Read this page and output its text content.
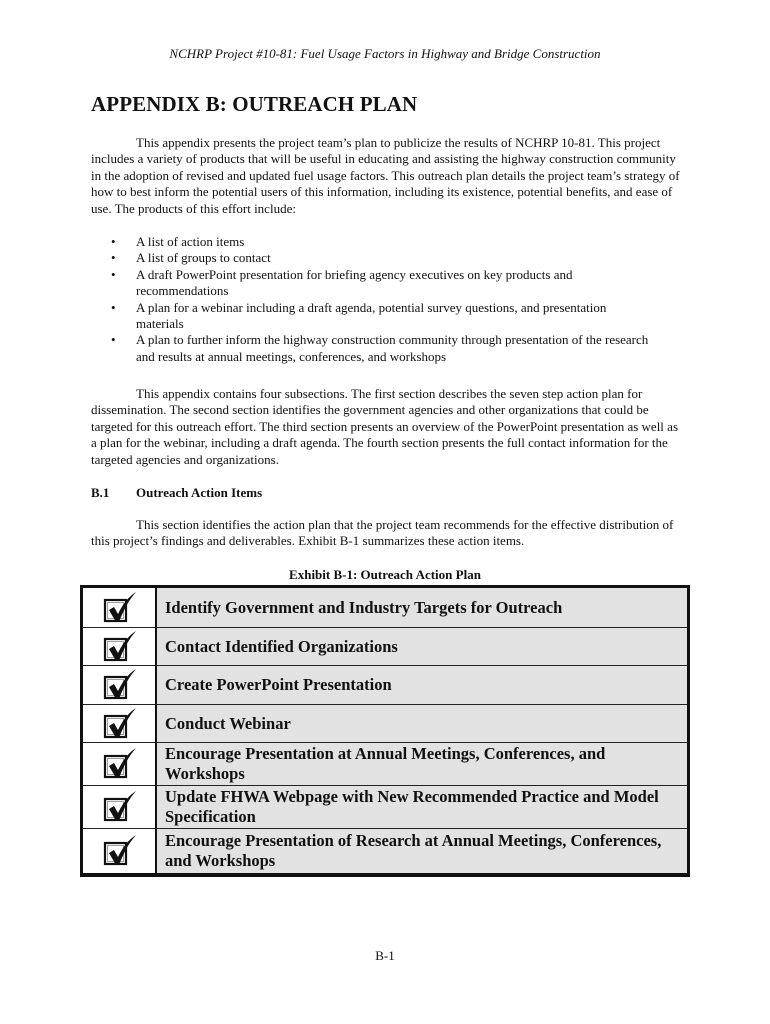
NCHRP Project #10-81: Fuel Usage Factors in Highway and Bridge Construction
APPENDIX B: OUTREACH PLAN

This appendix presents the project team’s plan to publicize the results of NCHRP 10-81. This project includes a variety of products that will be useful in educating and assisting the highway construction community in the adoption of revised and updated fuel usage factors. This outreach plan details the project team’s strategy of how to best inform the potential users of this information, including its existence, potential benefits, and ease of use. The products of this effort include:

• A list of action items
• A list of groups to contact
• A draft PowerPoint presentation for briefing agency executives on key products and recommendations
• A plan for a webinar including a draft agenda, potential survey questions, and presentation materials
• A plan to further inform the highway construction community through presentation of the research and results at annual meetings, conferences, and workshops

This appendix contains four subsections. The first section describes the seven step action plan for dissemination. The second section identifies the government agencies and other organizations that could be targeted for this outreach effort. The third section presents an overview of the PowerPoint presentation as well as a plan for the webinar, including a draft agenda. The fourth section presents the full contact information for the targeted agencies and organizations.

B.1 Outreach Action Items

This section identifies the action plan that the project team recommends for the effective distribution of this project’s findings and deliverables. Exhibit B-1 summarizes these action items.

Exhibit B-1: Outreach Action Plan
Identify Government and Industry Targets for Outreach
Contact Identified Organizations
Create PowerPoint Presentation
Conduct Webinar
Encourage Presentation at Annual Meetings, Conferences, and Workshops
Update FHWA Webpage with New Recommended Practice and Model Specification
Encourage Presentation of Research at Annual Meetings, Conferences, and Workshops
B-1
